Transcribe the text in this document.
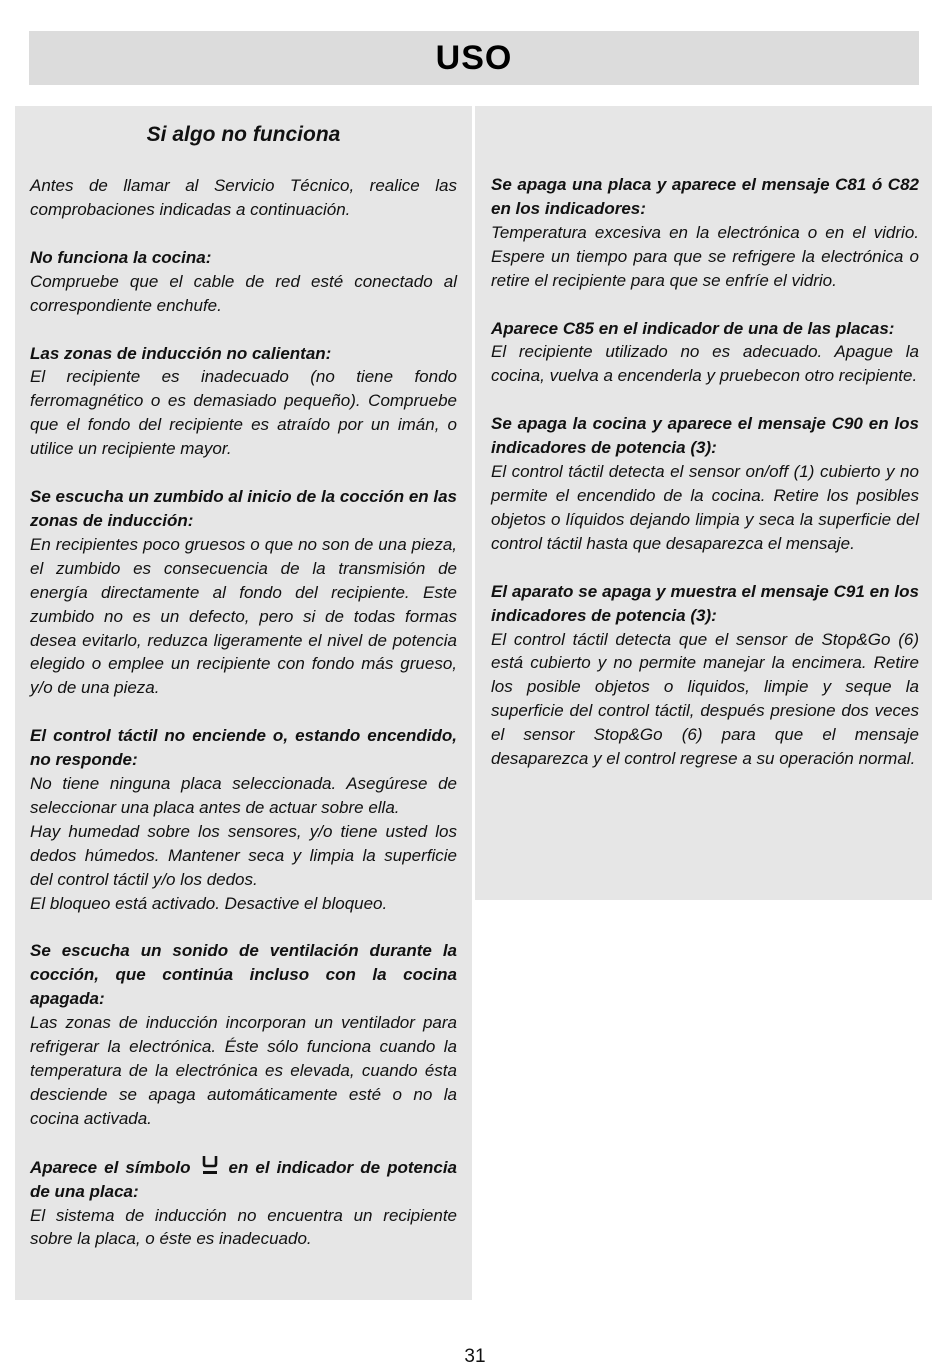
USO
Si algo no funciona

Antes de llamar al Servicio Técnico, realice las comprobaciones indicadas a continuación.

No funciona la cocina:

Compruebe que el cable de red esté conectado al correspondiente enchufe.

Las zonas de inducción no calientan:

El recipiente es inadecuado (no tiene fondo ferromagnético o es demasiado pequeño). Compruebe que el fondo del recipiente es atraído por un imán, o utilice un recipiente mayor.

Se escucha un zumbido al inicio de la cocción en las zonas de inducción:

En recipientes poco gruesos o que no son de una pieza, el zumbido es consecuencia de la transmisión de energía directamente al fondo del recipiente. Este zumbido no es un defecto, pero si de todas formas desea evitarlo, reduzca ligeramente el nivel de potencia elegido o emplee un recipiente con fondo más grueso, y/o de una pieza.

El control táctil no enciende o, estando encendido, no responde:

No tiene ninguna placa seleccionada. Asegúrese de seleccionar una placa antes de actuar sobre ella.

Hay humedad sobre los sensores, y/o tiene usted los dedos húmedos. Mantener seca y limpia la superficie del control táctil y/o los dedos.

El bloqueo está activado. Desactive el bloqueo.

Se escucha un sonido de ventilación durante la cocción, que continúa incluso con la cocina apagada:

Las zonas de inducción incorporan un ventilador para refrigerar la electrónica. Éste sólo funciona cuando la temperatura de la electrónica es elevada, cuando ésta desciende se apaga automáticamente esté o no la cocina activada.

Aparece el símbolo en el indicador de potencia de una placa:

El sistema de inducción no encuentra un recipiente sobre la placa, o éste es inadecuado.

Se apaga una placa y aparece el mensaje C81 ó C82 en los indicadores:

Temperatura excesiva en la electrónica o en el vidrio. Espere un tiempo para que se refrigere la electrónica o retire el recipiente para que se enfríe el vidrio.

Aparece C85 en el indicador de una de las placas:

El recipiente utilizado no es adecuado. Apague la cocina, vuelva a encenderla y pruebecon otro recipiente.

Se apaga la cocina y aparece el mensaje C90 en los indicadores de potencia (3):

El control táctil detecta el sensor on/off (1) cubierto y no permite el encendido de la cocina. Retire los posibles objetos o líquidos dejando limpia y seca la superficie del control táctil hasta que desaparezca el mensaje.

El aparato se apaga y muestra el mensaje C91 en los indicadores de potencia (3):

El control táctil detecta que el sensor de Stop&Go (6) está cubierto y no permite manejar la encimera. Retire los posible objetos o liquidos, limpie y seque la superficie del control táctil, después presione dos veces el sensor Stop&Go (6) para que el mensaje desaparezca y el control regrese a su operación normal.

31
